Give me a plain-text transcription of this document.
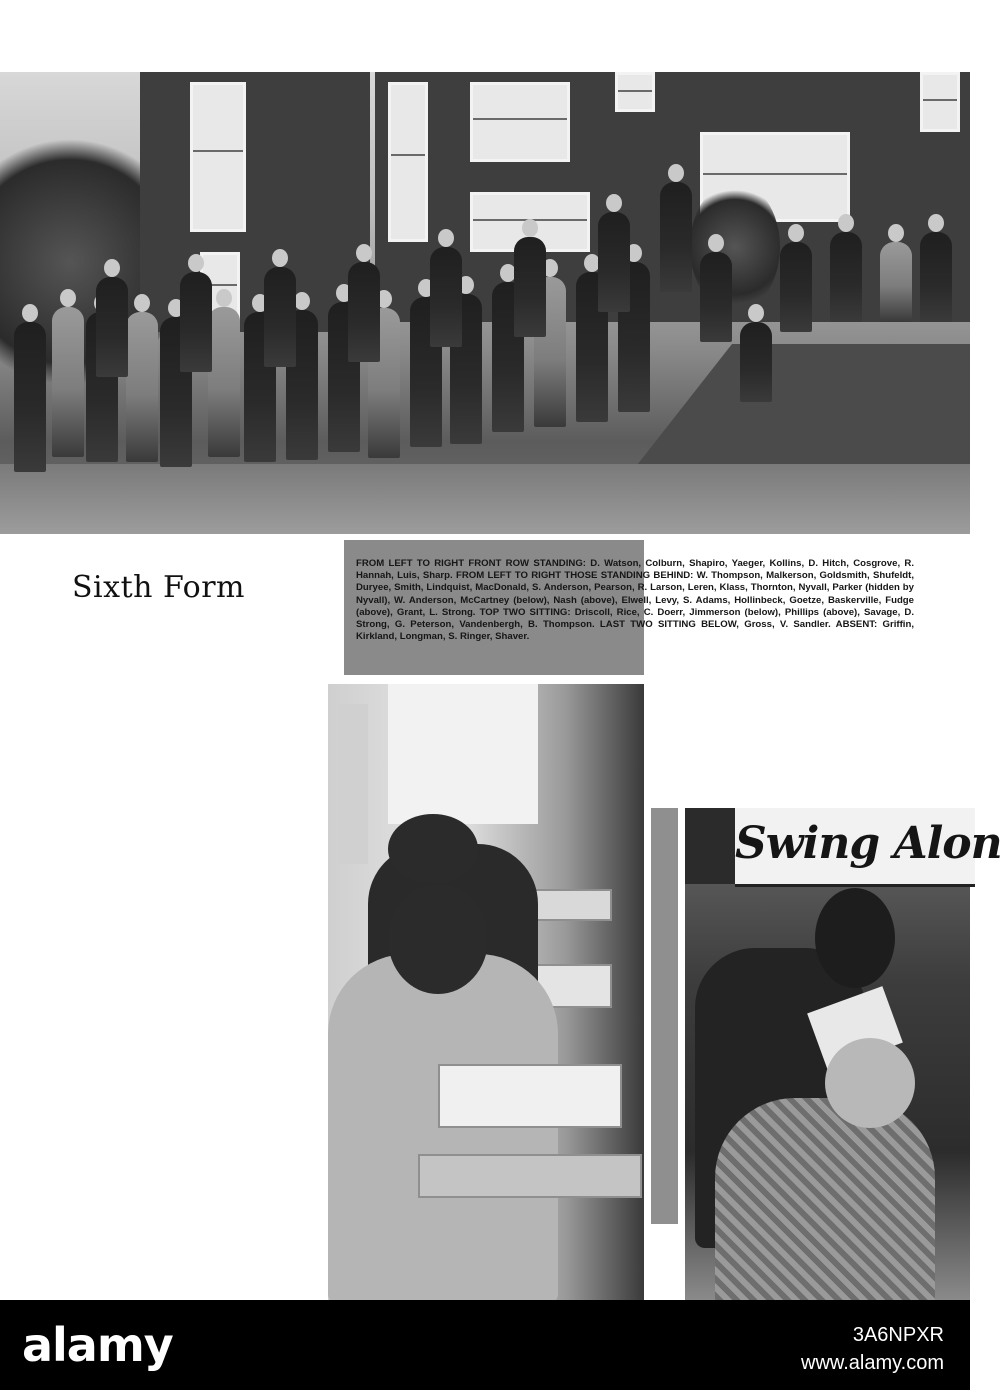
Sixth Form
FROM LEFT TO RIGHT FRONT ROW STANDING: D. Watson, Colburn, Shapiro, Yaeger, Kollins, D. Hitch, Cosgrove, R. Hannah, Luis, Sharp. FROM LEFT TO RIGHT THOSE STANDING BEHIND: W. Thompson, Malkerson, Goldsmith, Shufeldt, Duryee, Smith, Lindquist, MacDonald, S. Anderson, Pearson, R. Larson, Leren, Klass, Thornton, Nyvall, Parker (hidden by Nyvall), W. Anderson, McCartney (below), Nash (above), Elwell, Levy, S. Adams, Hollinbeck, Goetze, Baskerville, Fudge (above), Grant, L. Strong. TOP TWO SITTING: Driscoll, Rice, C. Doerr, Jimmerson (below), Phillips (above), Savage, D. Strong, G. Peterson, Vandenbergh, B. Thompson. LAST TWO SITTING BELOW, Gross, V. Sandler. ABSENT: Griffin, Kirkland, Longman, S. Ringer, Shaver.
Swing Alon
alamy	3A6NPXR
www.alamy.com
